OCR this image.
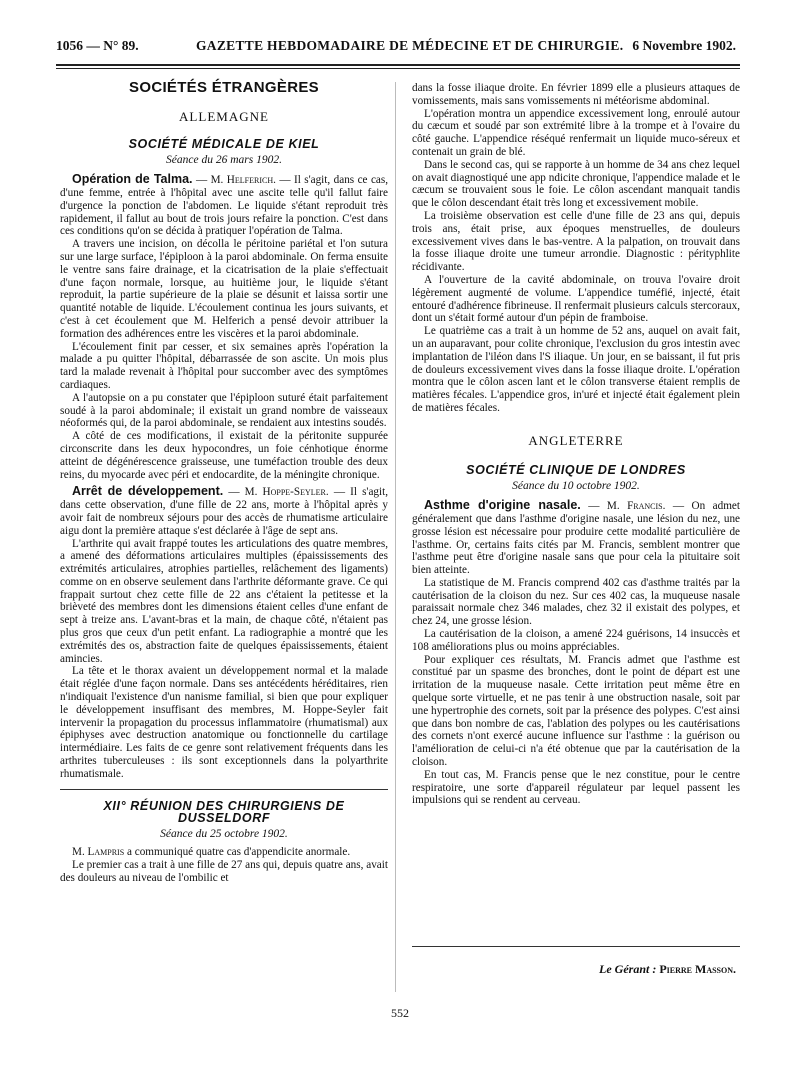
1056 — N° 89.	GAZETTE HEBDOMADAIRE DE MÉDECINE ET DE CHIRURGIE. 6 Novembre 1902.

SOCIÉTÉS ÉTRANGÈRES

ALLEMAGNE

SOCIÉTÉ MÉDICALE DE KIEL

Séance du 26 mars 1902.

Opération de Talma. — M. Helferich. — Il s'agit, dans ce cas, d'une femme, entrée à l'hôpital avec une ascite telle qu'il fallut faire d'urgence la ponction de l'abdomen. Le liquide s'étant reproduit très rapidement, il fallut au bout de trois jours refaire la ponction. C'est dans ces conditions qu'on se décida à pratiquer l'opération de Talma.

A travers une incision, on décolla le péritoine pariétal et l'on sutura sur une large surface, l'épiploon à la paroi abdominale. On ferma ensuite le ventre sans faire drainage, et la cicatrisation de la plaie s'effectuait d'une façon normale, lorsque, au huitième jour, le liquide s'étant reproduit, la partie supérieure de la plaie se désunit et laissa sortir une quantité notable de liquide. L'écoulement continua les jours suivants, et c'est à cet écoulement que M. Helferich a pensé devoir attribuer la formation des adhérences entre les viscères et la paroi abdominale.

L'écoulement finit par cesser, et six semaines après l'opération la malade a pu quitter l'hôpital, débarrassée de son ascite. Un mois plus tard la malade revenait à l'hôpital pour succomber avec des symptômes cardiaques.

A l'autopsie on a pu constater que l'épiploon suturé était parfaitement soudé à la paroi abdominale; il existait un grand nombre de vaisseaux néoformés qui, de la paroi abdominale, se rendaient aux intestins soudés.

A côté de ces modifications, il existait de la péritonite suppurée circonscrite dans les deux hypocondres, un foie cénhotique énorme atteint de dégénérescence graisseuse, une tuméfaction trouble des deux reins, du myocarde avec péri et endocardite, de la méningite chronique.

Arrêt de développement. — M. Hoppe-Seyler. — Il s'agit, dans cette observation, d'une fille de 22 ans, morte à l'hôpital après y avoir fait de nombreux séjours pour des accès de rhumatisme articulaire aigu dont la première attaque s'est déclarée à l'âge de sept ans.

L'arthrite qui avait frappé toutes les articulations des quatre membres, a amené des déformations articulaires multiples (épaississements des extrémités articulaires, atrophies partielles, relâchement des ligaments) comme on en observe seulement dans l'arthrite déformante grave. Ce qui frappait surtout chez cette fille de 22 ans c'étaient la petitesse et la brièveté des membres dont les dimensions étaient celles d'une enfant de sept à treize ans. L'avant-bras et la main, de chaque côté, n'étaient pas plus gros que ceux d'un petit enfant. La radiographie a montré que les extrémités des os, abstraction faite de quelques épaississements, étaient amincies.

La tête et le thorax avaient un développement normal et la malade était réglée d'une façon normale. Dans ses antécédents héréditaires, rien n'indiquait l'existence d'un nanisme familial, si bien que pour expliquer le développement insuffisant des membres, M. Hoppe-Seyler fait intervenir la propagation du processus inflammatoire (rhumatismal) aux épiphyses avec destruction anatomique ou fonctionnelle du cartilage intermédiaire. Les faits de ce genre sont relativement fréquents dans les arthrites tuberculeuses : ils sont exceptionnels dans la polyarthrite rhumatismale.

XII° RÉUNION DES CHIRURGIENS DE DUSSELDORF

Séance du 25 octobre 1902.

M. Lampris a communiqué quatre cas d'appendicite anormale.

Le premier cas a trait à une fille de 27 ans qui, depuis quatre ans, avait des douleurs au niveau de l'ombilic et

dans la fosse iliaque droite. En février 1899 elle a plusieurs attaques de vomissements, mais sans vomissements ni météorisme abdominal.

L'opération montra un appendice excessivement long, enroulé autour du cæcum et soudé par son extrémité libre à la trompe et à l'ovaire du côté gauche. L'appendice réséqué renfermait un liquide muco-séreux et contenait un grain de blé.

Dans le second cas, qui se rapporte à un homme de 34 ans chez lequel on avait diagnostiqué une app ndicite chronique, l'appendice malade et le cæcum se trouvaient sous le foie. Le côlon ascendant manquait tandis que le côlon descendant était très long et excessivement mobile.

La troisième observation est celle d'une fille de 23 ans qui, depuis trois ans, était prise, aux époques menstruelles, de douleurs excessivement vives dans le bas-ventre. A la palpation, on trouvait dans la fosse iliaque droite une tumeur arrondie. Diagnostic : pérityphlite récidivante.

A l'ouverture de la cavité abdominale, on trouva l'ovaire droit légèrement augmenté de volume. L'appendice tuméfié, injecté, était entouré d'adhérence fibrineuse. Il renfermait plusieurs calculs stercoraux, dont un s'était formé autour d'un pépin de framboise.

Le quatrième cas a trait à un homme de 52 ans, auquel on avait fait, un an auparavant, pour colite chronique, l'exclusion du gros intestin avec implantation de l'iléon dans l'S iliaque. Un jour, en se baissant, il fut pris de douleurs excessivement vives dans la fosse iliaque droite. L'opération montra que le côlon ascen lant et le côlon transverse étaient remplis de matières fécales. L'appendice gros, in'uré et injecté était également plein de matières fécales.

ANGLETERRE

SOCIÉTÉ CLINIQUE DE LONDRES

Séance du 10 octobre 1902.

Asthme d'origine nasale. — M. Francis. — On admet généralement que dans l'asthme d'origine nasale, une lésion du nez, une grosse lésion est nécessaire pour produire cette modalité particulière de l'asthme. Or, certains faits cités par M. Francis, semblent montrer que l'asthme peut être d'origine nasale sans que pour cela la pituitaire soit bien atteinte.

La statistique de M. Francis comprend 402 cas d'asthme traités par la cautérisation de la cloison du nez. Sur ces 402 cas, la muqueuse nasale paraissait normale chez 346 malades, chez 32 il existait des polypes, et chez 24, une grosse lésion.

La cautérisation de la cloison, a amené 224 guérisons, 14 insuccès et 108 améliorations plus ou moins appréciables.

Pour expliquer ces résultats, M. Francis admet que l'asthme est constitué par un spasme des bronches, dont le point de départ est une irritation de la muqueuse nasale. Cette irritation peut même être en quelque sorte virtuelle, et ne pas tenir à une obstruction nasale, soit par une hypertrophie des cornets, soit par la présence des polypes. C'est ainsi que dans bon nombre de cas, l'ablation des polypes ou les cautérisations des cornets n'ont exercé aucune influence sur l'asthme : la guérison ou l'amélioration de celui-ci n'a été obtenue que par la cautérisation de la cloison.

En tout cas, M. Francis pense que le nez constitue, pour le centre respiratoire, une sorte d'appareil régulateur par lequel passent les impulsions qui se rendent au cerveau.

Le Gérant : Pierre Masson.
552
